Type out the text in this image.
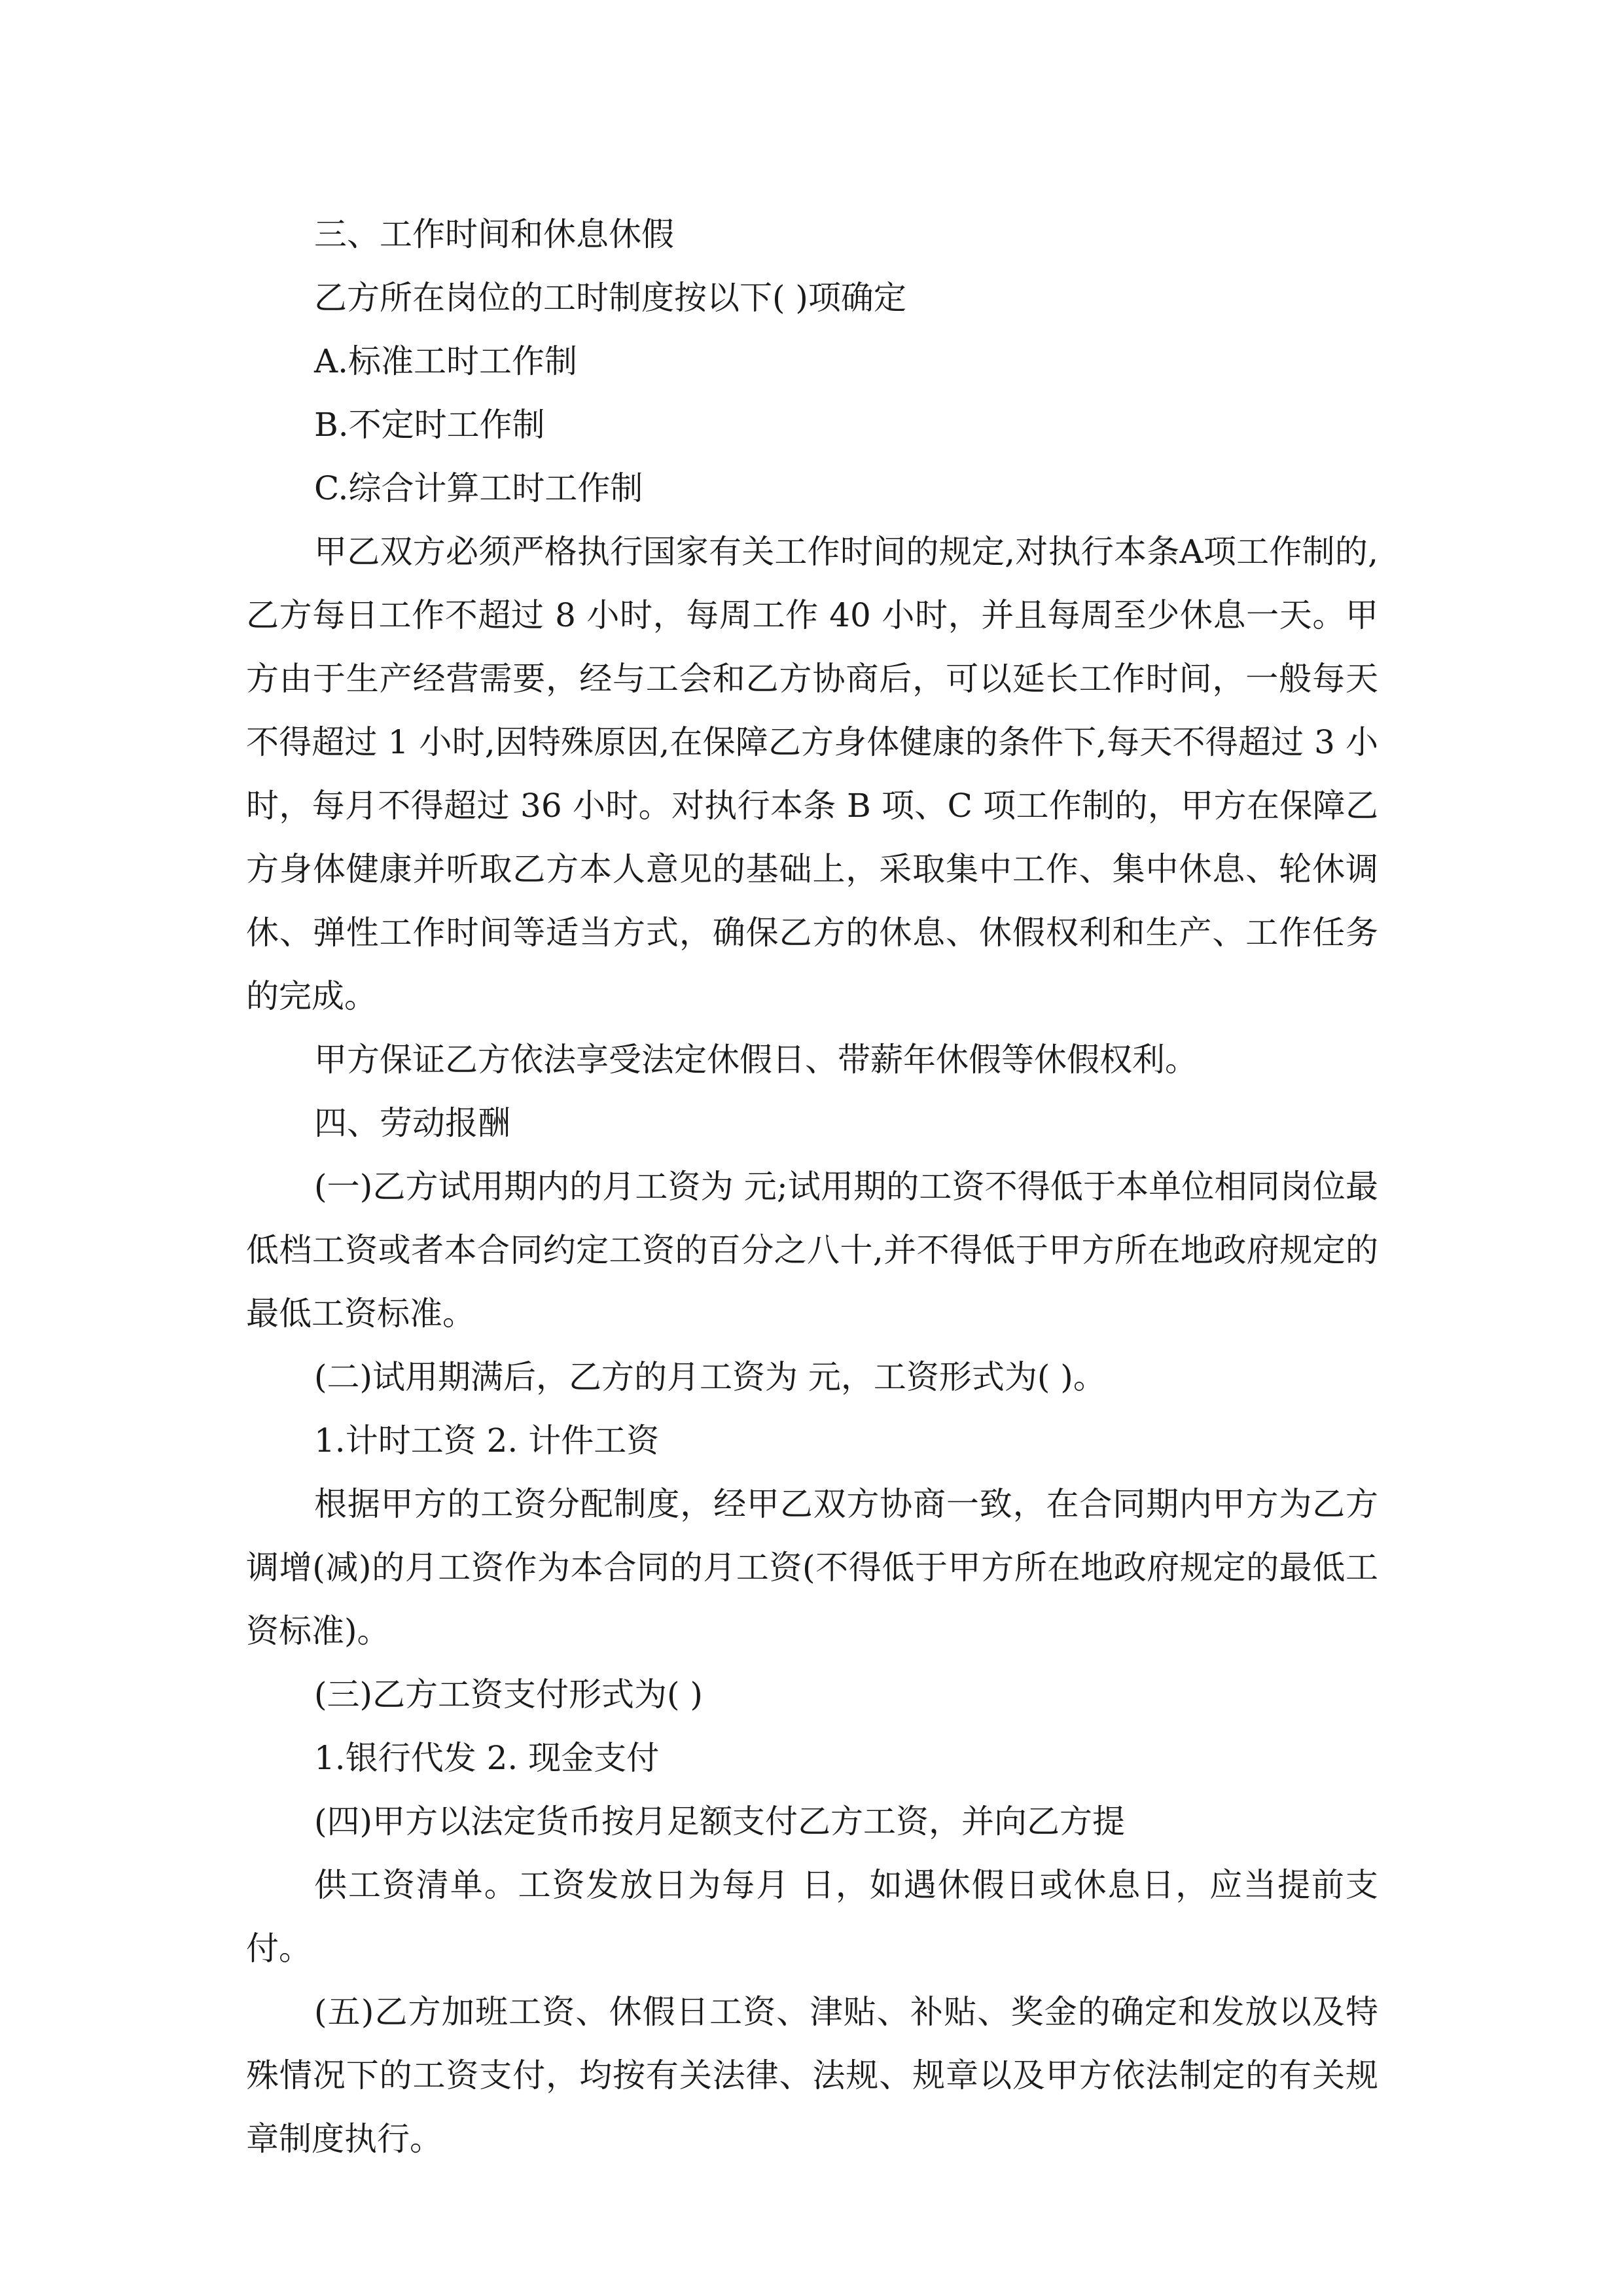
三、工作时间和休息休假

乙方所在岗位的工时制度按以下( )项确定

A.标准工时工作制

B.不定时工作制

C.综合计算工时工作制

甲乙双方必须严格执行国家有关工作时间的规定,对执行本条A项工作制的,乙方每日工作不超过 8 小时，每周工作 40 小时，并且每周至少休息一天。甲方由于生产经营需要，经与工会和乙方协商后，可以延长工作时间，一般每天不得超过 1 小时,因特殊原因,在保障乙方身体健康的条件下,每天不得超过 3 小时，每月不得超过 36 小时。对执行本条 B 项、C 项工作制的，甲方在保障乙方身体健康并听取乙方本人意见的基础上，采取集中工作、集中休息、轮休调休、弹性工作时间等适当方式，确保乙方的休息、休假权利和生产、工作任务的完成。

甲方保证乙方依法享受法定休假日、带薪年休假等休假权利。

四、劳动报酬

(一)乙方试用期内的月工资为 元;试用期的工资不得低于本单位相同岗位最低档工资或者本合同约定工资的百分之八十,并不得低于甲方所在地政府规定的最低工资标准。

(二)试用期满后，乙方的月工资为 元，工资形式为( )。

1.计时工资 2. 计件工资

根据甲方的工资分配制度，经甲乙双方协商一致，在合同期内甲方为乙方调增(减)的月工资作为本合同的月工资(不得低于甲方所在地政府规定的最低工资标准)。

(三)乙方工资支付形式为( )

1.银行代发 2. 现金支付

(四)甲方以法定货币按月足额支付乙方工资，并向乙方提

供工资清单。工资发放日为每月 日，如遇休假日或休息日，应当提前支付。

(五)乙方加班工资、休假日工资、津贴、补贴、奖金的确定和发放以及特殊情况下的工资支付，均按有关法律、法规、规章以及甲方依法制定的有关规章制度执行。
